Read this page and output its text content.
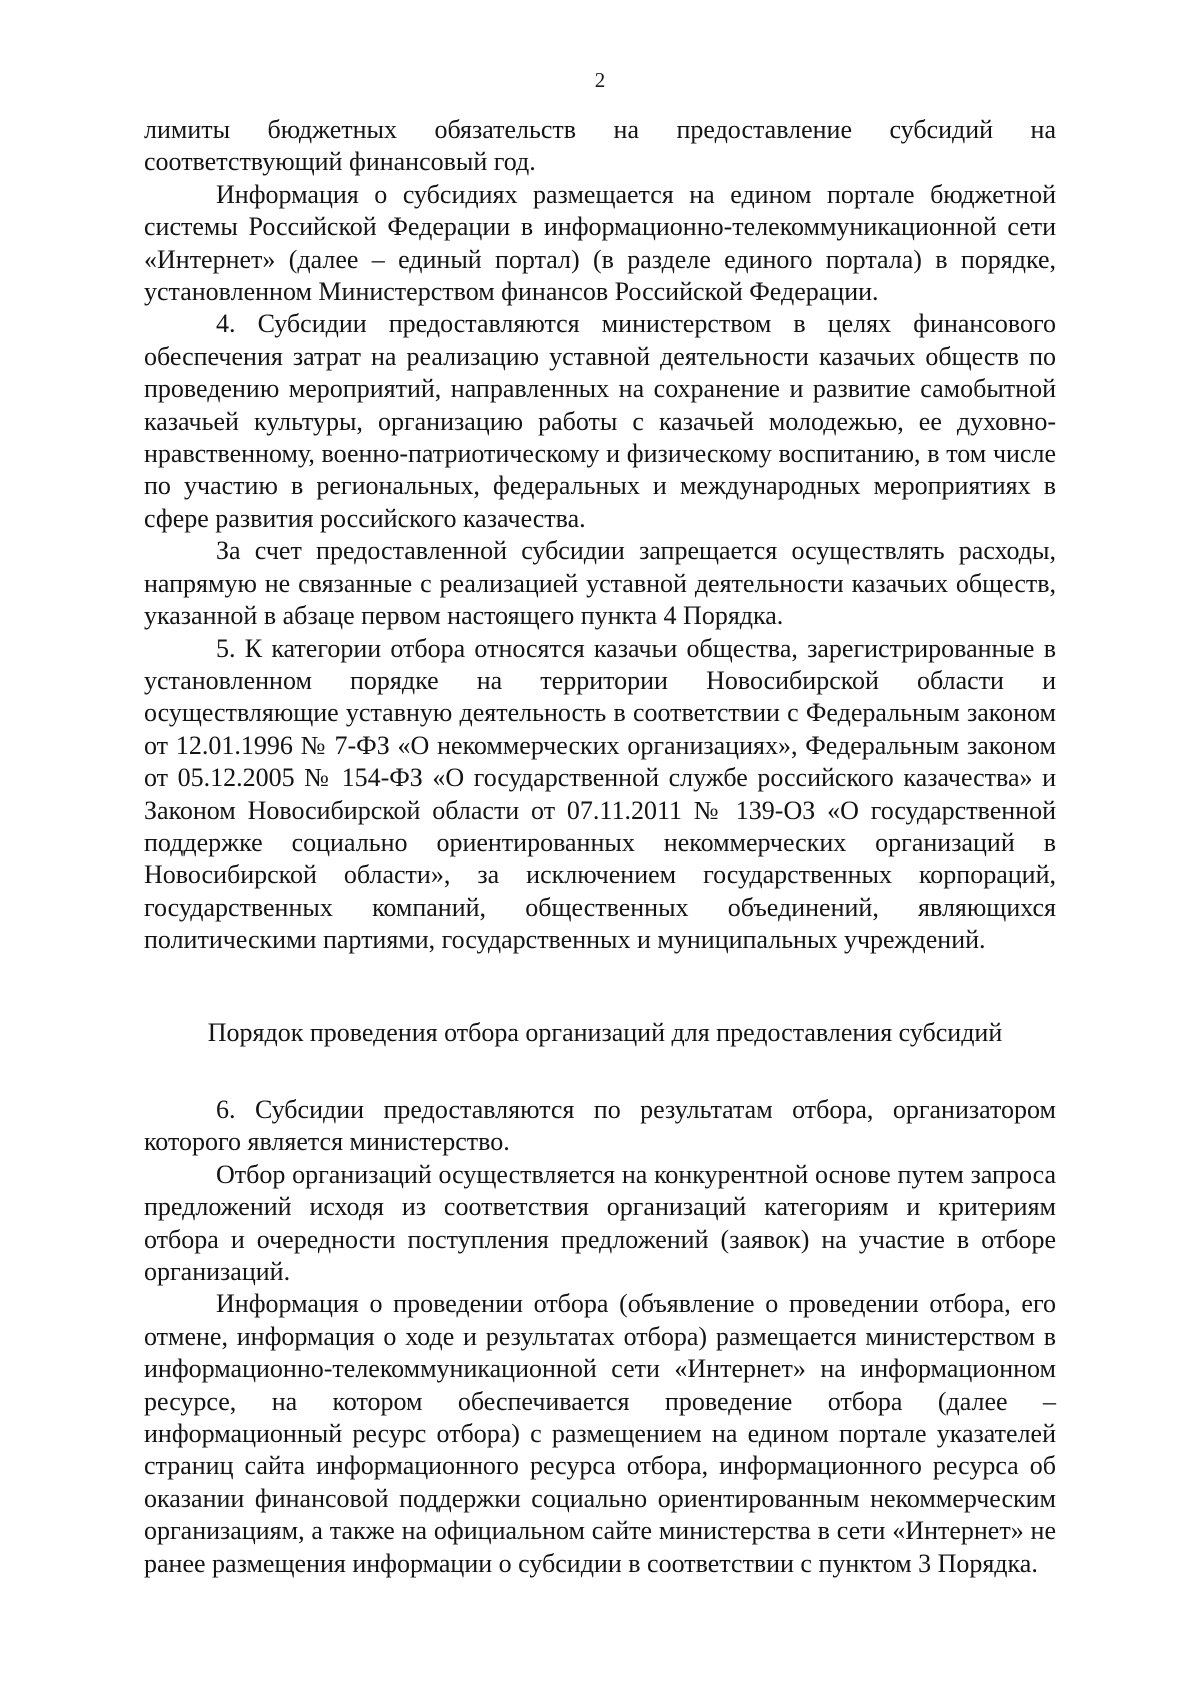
2

лимиты бюджетных обязательств на предоставление субсидий на соответствующий финансовый год.

Информация о субсидиях размещается на едином портале бюджетной системы Российской Федерации в информационно-телекоммуникационной сети «Интернет» (далее – единый портал) (в разделе единого портала) в порядке, установленном Министерством финансов Российской Федерации.

4. Субсидии предоставляются министерством в целях финансового обеспечения затрат на реализацию уставной деятельности казачьих обществ по проведению мероприятий, направленных на сохранение и развитие самобытной казачьей культуры, организацию работы с казачьей молодежью, ее духовно-нравственному, военно-патриотическому и физическому воспитанию, в том числе по участию в региональных, федеральных и международных мероприятиях в сфере развития российского казачества.

За счет предоставленной субсидии запрещается осуществлять расходы, напрямую не связанные с реализацией уставной деятельности казачьих обществ, указанной в абзаце первом настоящего пункта 4 Порядка.

5. К категории отбора относятся казачьи общества, зарегистрированные в установленном порядке на территории Новосибирской области и осуществляющие уставную деятельность в соответствии с Федеральным законом от 12.01.1996 № 7-ФЗ «О некоммерческих организациях», Федеральным законом от 05.12.2005 № 154-ФЗ «О государственной службе российского казачества» и Законом Новосибирской области от 07.11.2011 № 139-ОЗ «О государственной поддержке социально ориентированных некоммерческих организаций в Новосибирской области», за исключением государственных корпораций, государственных компаний, общественных объединений, являющихся политическими партиями, государственных и муниципальных учреждений.

Порядок проведения отбора организаций для предоставления субсидий

6. Субсидии предоставляются по результатам отбора, организатором которого является министерство.

Отбор организаций осуществляется на конкурентной основе путем запроса предложений исходя из соответствия организаций категориям и критериям отбора и очередности поступления предложений (заявок) на участие в отборе организаций.

Информация о проведении отбора (объявление о проведении отбора, его отмене, информация о ходе и результатах отбора) размещается министерством в информационно-телекоммуникационной сети «Интернет» на информационном ресурсе, на котором обеспечивается проведение отбора (далее – информационный ресурс отбора) с размещением на едином портале указателей страниц сайта информационного ресурса отбора, информационного ресурса об оказании финансовой поддержки социально ориентированным некоммерческим организациям, а также на официальном сайте министерства в сети «Интернет» не ранее размещения информации о субсидии в соответствии с пунктом 3 Порядка.
